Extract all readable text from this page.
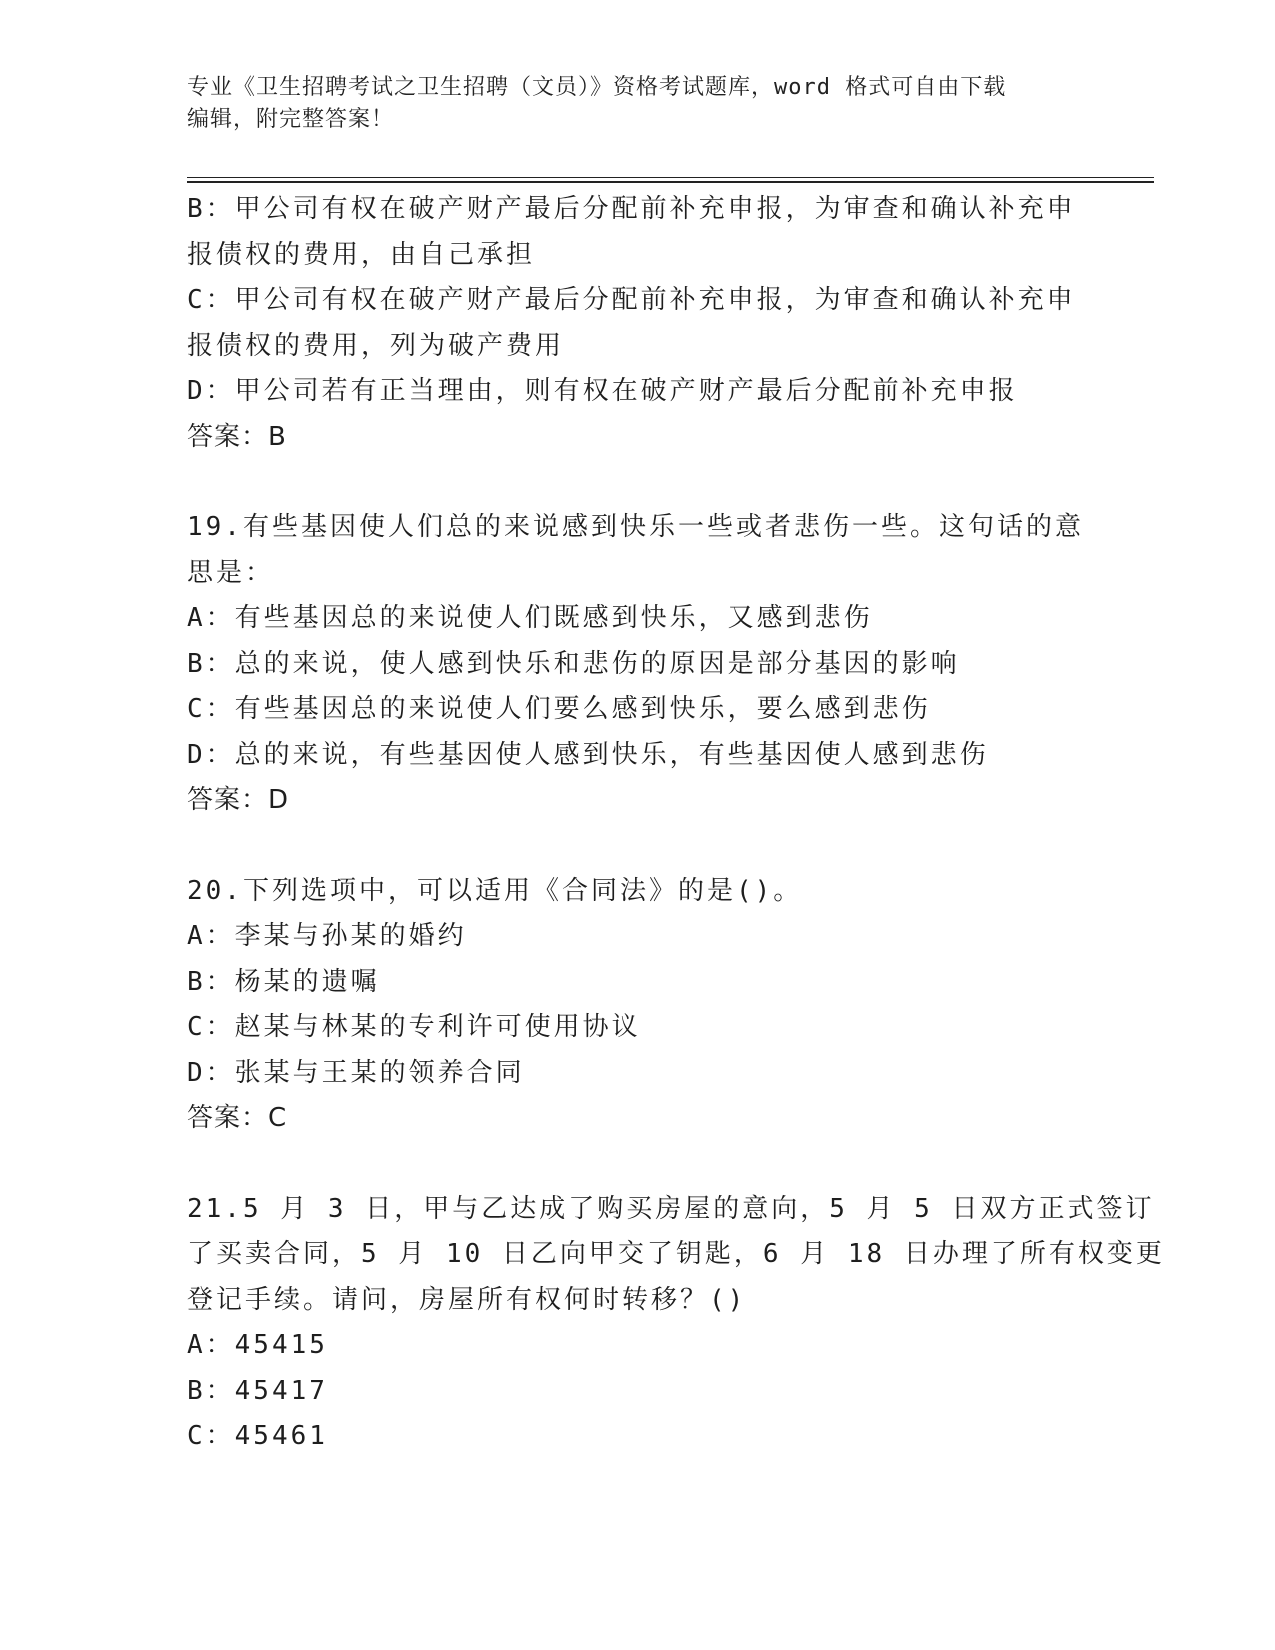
专业《卫生招聘考试之卫生招聘（文员）》资格考试题库，word 格式可自由下载
编辑，附完整答案！
B：甲公司有权在破产财产最后分配前补充申报，为审查和确认补充申
报债权的费用，由自己承担
C：甲公司有权在破产财产最后分配前补充申报，为审查和确认补充申
报债权的费用，列为破产费用
D：甲公司若有正当理由，则有权在破产财产最后分配前补充申报
答案：B
19.有些基因使人们总的来说感到快乐一些或者悲伤一些。这句话的意
思是：
A：有些基因总的来说使人们既感到快乐，又感到悲伤
B：总的来说，使人感到快乐和悲伤的原因是部分基因的影响
C：有些基因总的来说使人们要么感到快乐，要么感到悲伤
D：总的来说，有些基因使人感到快乐，有些基因使人感到悲伤
答案：D
20.下列选项中，可以适用《合同法》的是()。
A：李某与孙某的婚约
B：杨某的遗嘱
C：赵某与林某的专利许可使用协议
D：张某与王某的领养合同
答案：C
21.5 月 3 日，甲与乙达成了购买房屋的意向，5 月 5 日双方正式签订
了买卖合同，5 月 10 日乙向甲交了钥匙，6 月 18 日办理了所有权变更
登记手续。请问，房屋所有权何时转移？()
A：45415
B：45417
C：45461
